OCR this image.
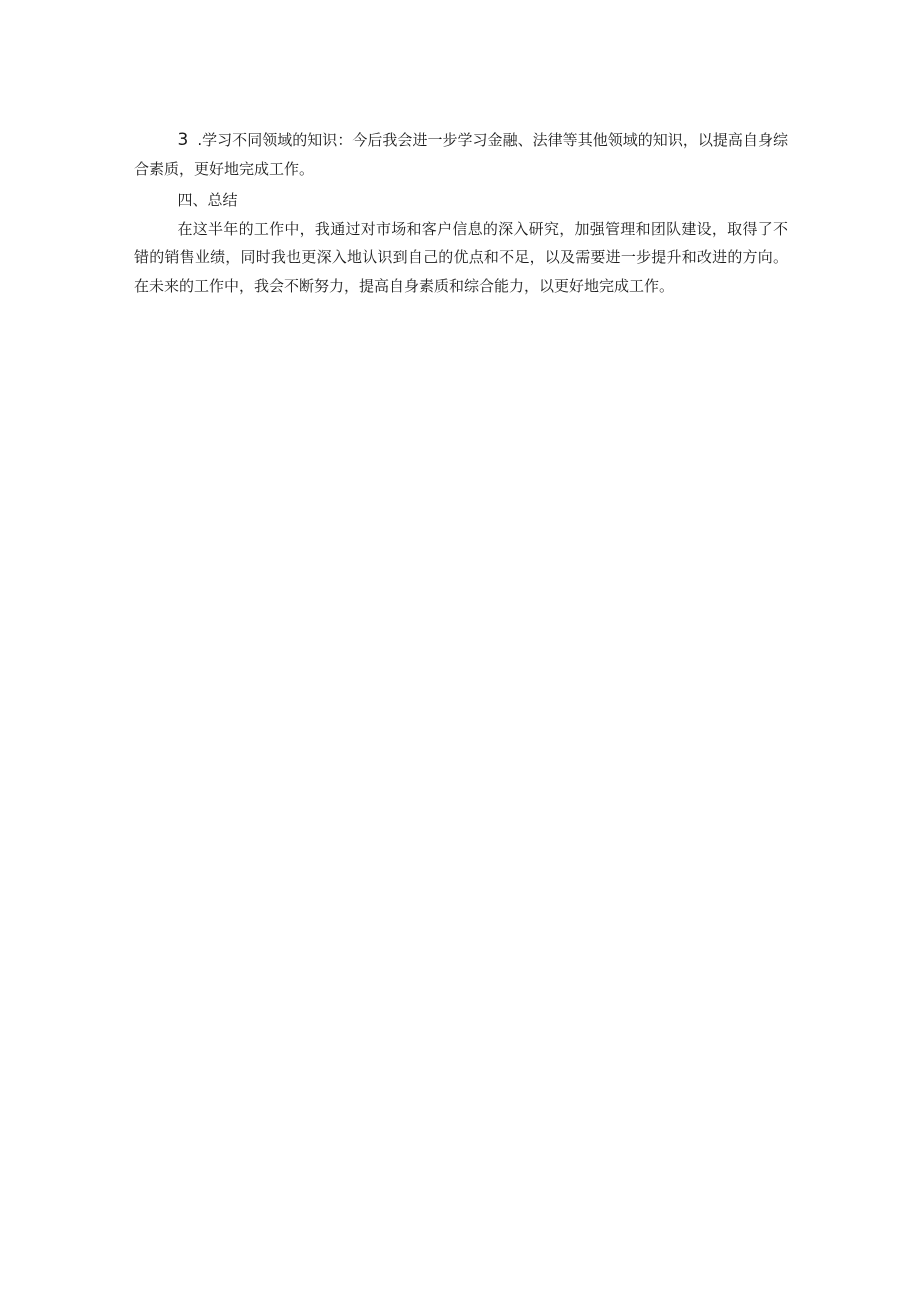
3 .学习不同领域的知识：今后我会进一步学习金融、法律等其他领域的知识，以提高自身综合素质，更好地完成工作。

四、总结

在这半年的工作中，我通过对市场和客户信息的深入研究，加强管理和团队建设，取得了不错的销售业绩，同时我也更深入地认识到自己的优点和不足，以及需要进一步提升和改进的方向。在未来的工作中，我会不断努力，提高自身素质和综合能力，以更好地完成工作。
